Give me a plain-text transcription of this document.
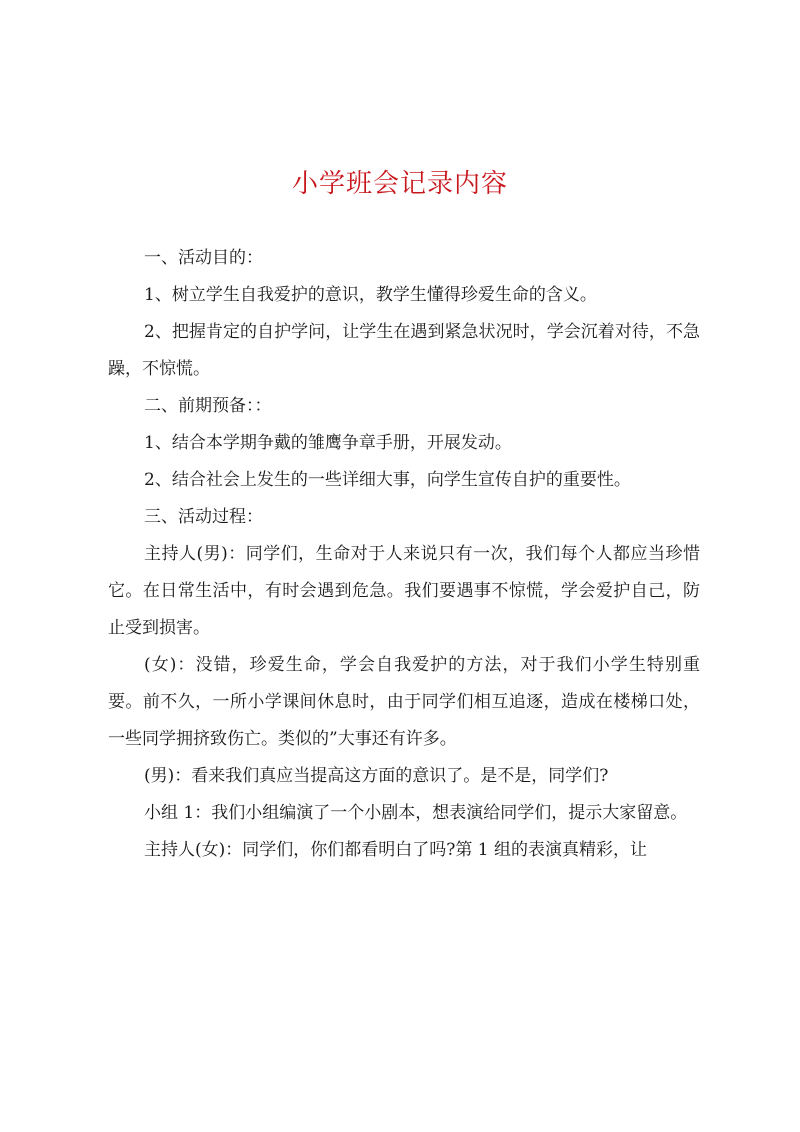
小学班会记录内容

一、活动目的：

1、树立学生自我爱护的意识，教学生懂得珍爱生命的含义。

2、把握肯定的自护学问，让学生在遇到紧急状况时，学会沉着对待，不急躁，不惊慌。

二、前期预备：：

1、结合本学期争戴的雏鹰争章手册，开展发动。

2、结合社会上发生的一些详细大事，向学生宣传自护的重要性。

三、活动过程：

主持人(男)：同学们，生命对于人来说只有一次，我们每个人都应当珍惜它。在日常生活中，有时会遇到危急。我们要遇事不惊慌，学会爱护自己，防止受到损害。

(女)：没错，珍爱生命，学会自我爱护的方法，对于我们小学生特别重要。前不久，一所小学课间休息时，由于同学们相互追逐，造成在楼梯口处，一些同学拥挤致伤亡。类似的”大事还有许多。

(男)：看来我们真应当提高这方面的意识了。是不是，同学们?

小组 1：我们小组编演了一个小剧本，想表演给同学们，提示大家留意。

主持人(女)：同学们，你们都看明白了吗?第 1 组的表演真精彩，让
